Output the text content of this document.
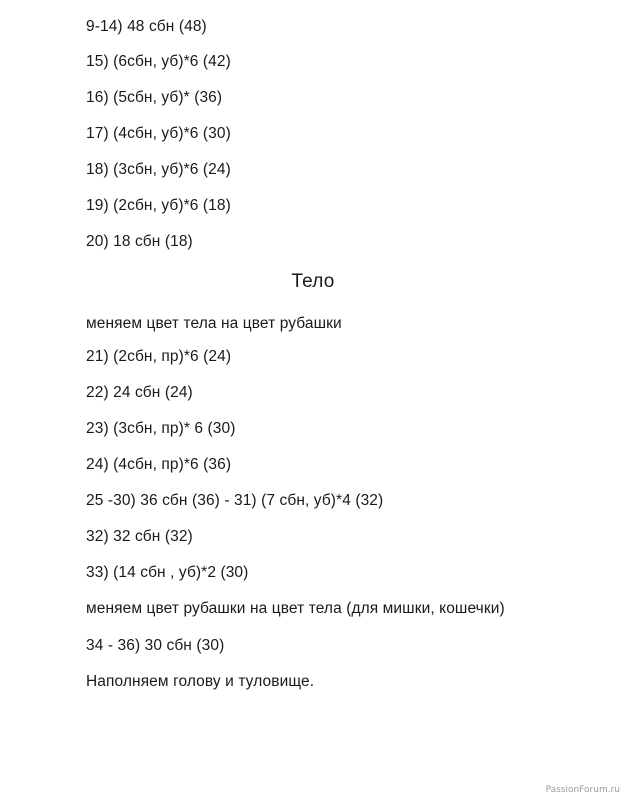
9-14) 48 сбн (48)
15) (6сбн, уб)*6 (42)
16) (5сбн, уб)* (36)
17) (4сбн, уб)*6 (30)
18) (3сбн, уб)*6 (24)
19) (2сбн, уб)*6 (18)
20) 18 сбн (18)
Тело
меняем цвет тела на цвет рубашки
21) (2сбн, пр)*6 (24)
22) 24 сбн (24)
23) (3сбн, пр)* 6 (30)
24) (4сбн, пр)*6 (36)
25 -30) 36 сбн (36) - 31) (7 сбн, уб)*4 (32)
32) 32 сбн (32)
33) (14 сбн , уб)*2 (30)
меняем цвет рубашки на цвет тела (для мишки, кошечки)
34 - 36) 30 сбн (30)
Наполняем голову и туловище.
PassionForum.ru
